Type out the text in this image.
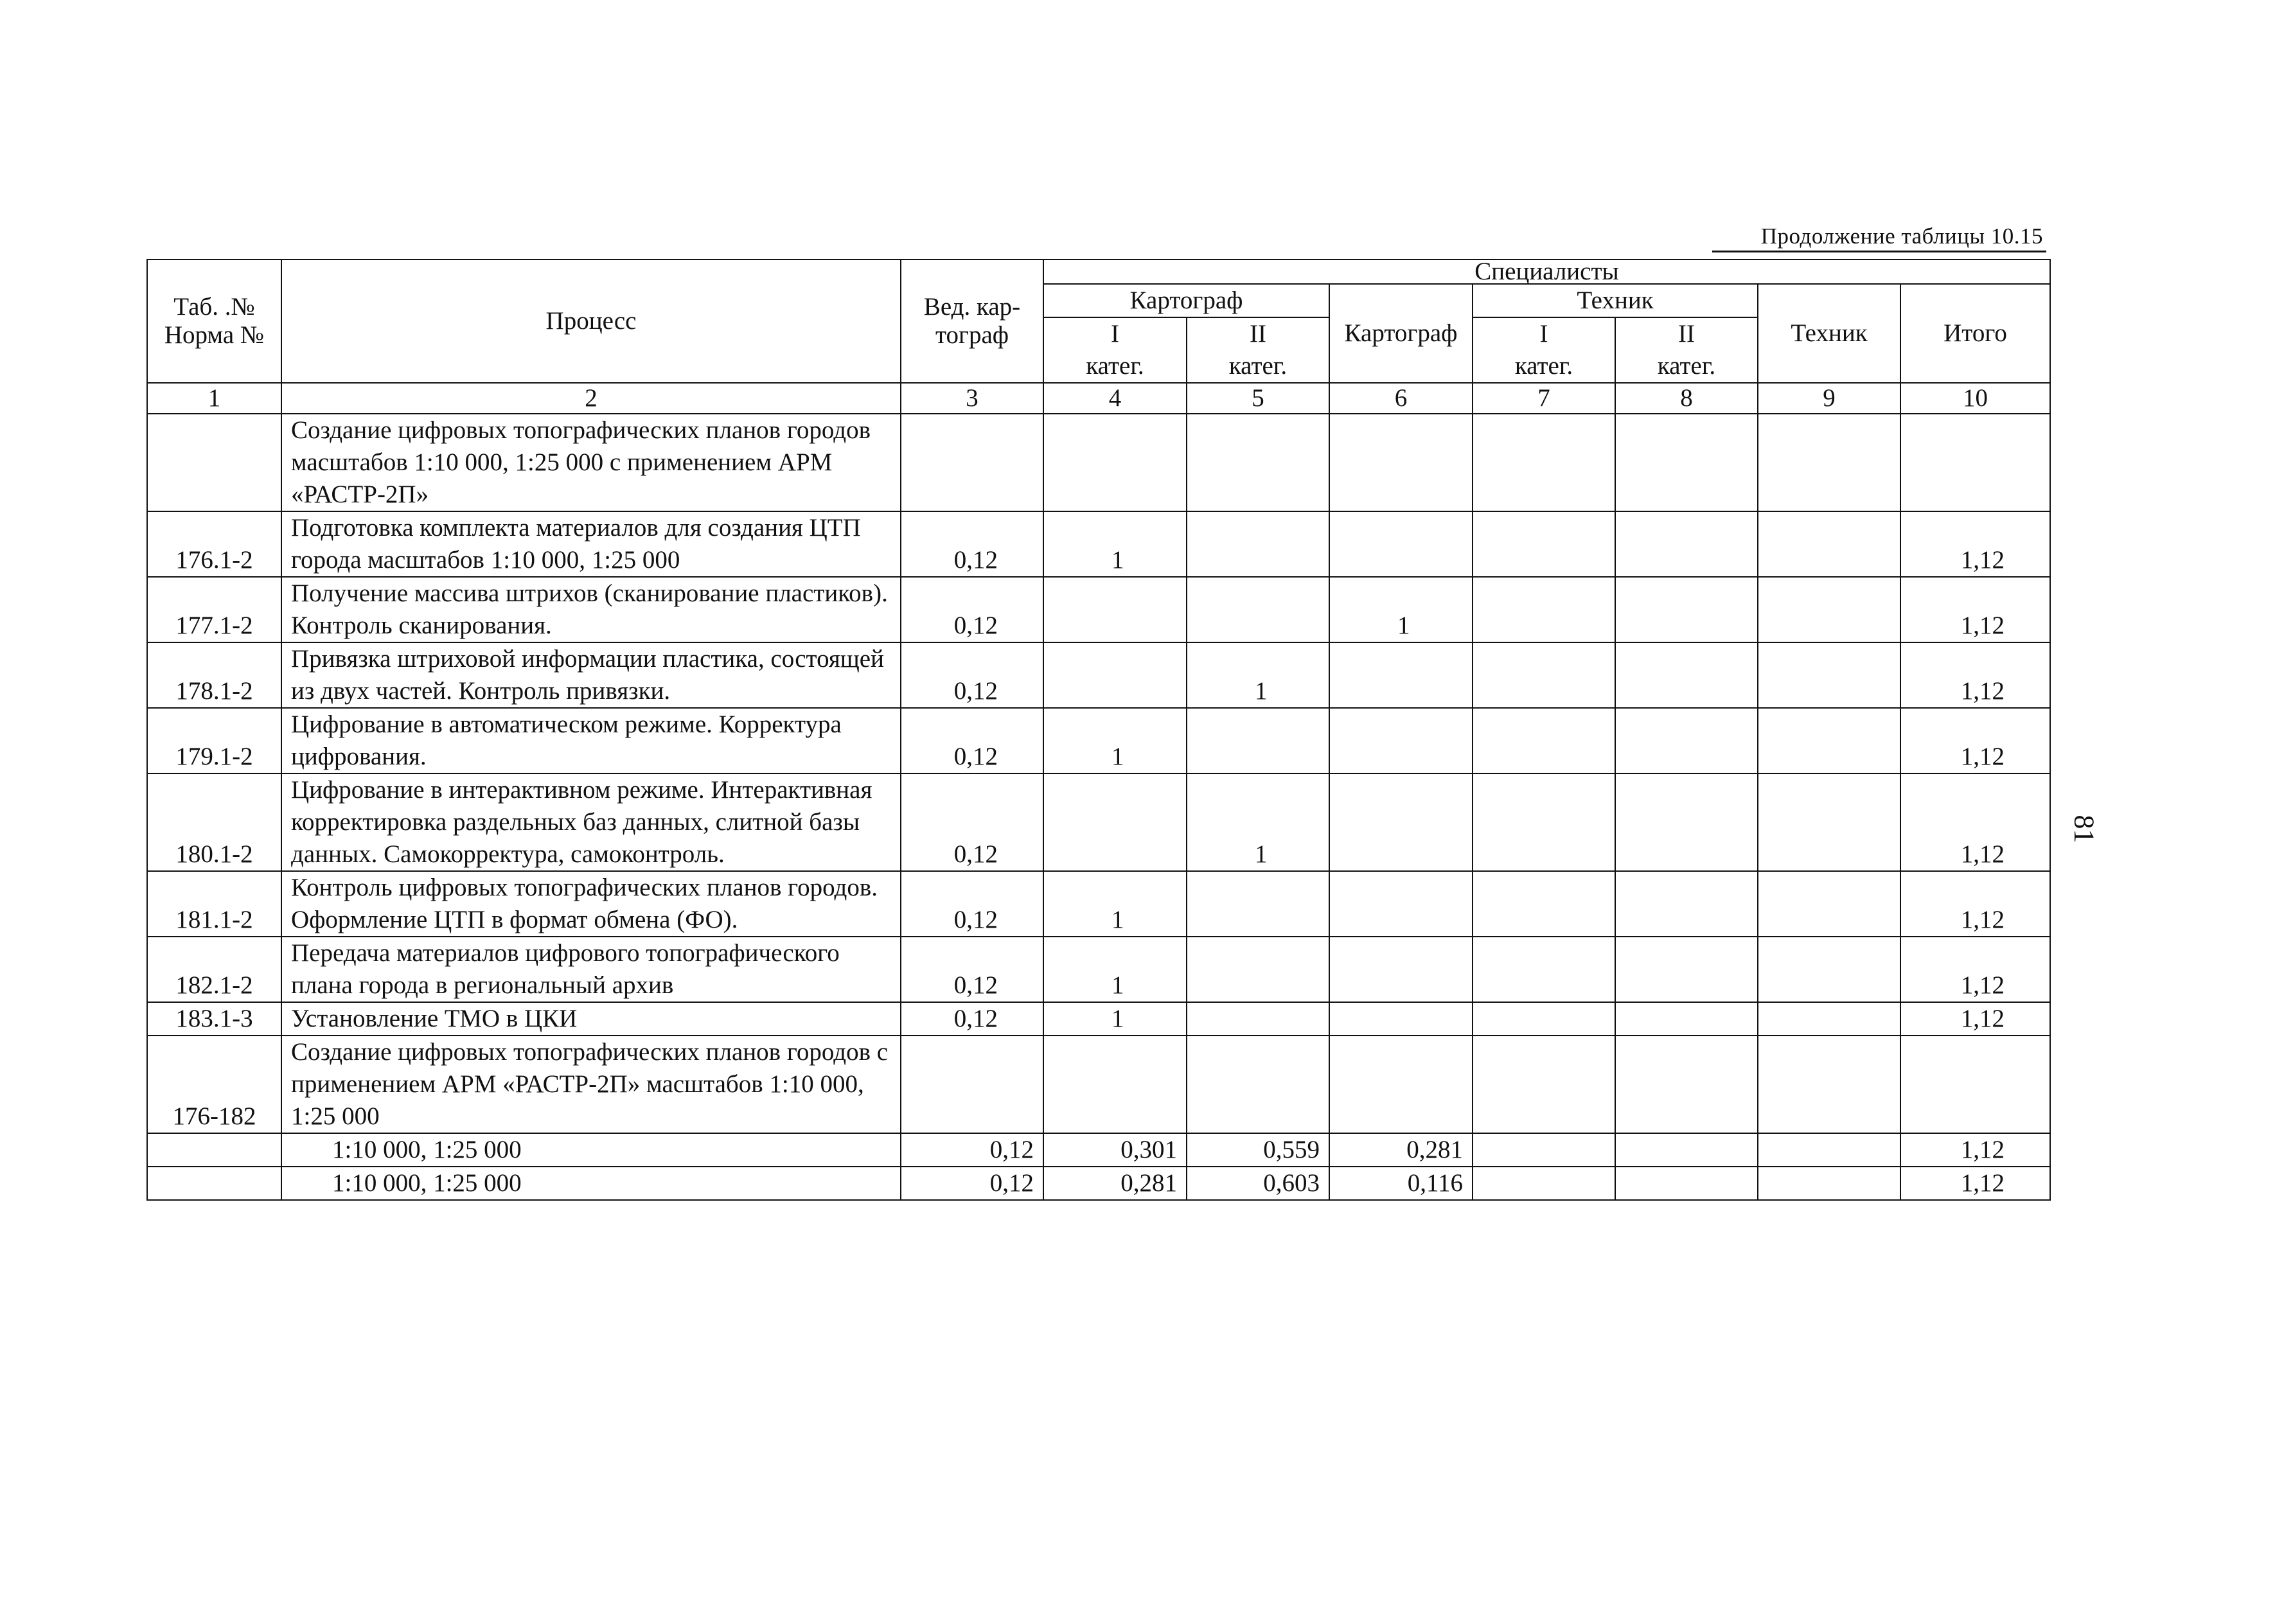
Продолжение таблицы 10.15
81
Таб. .№ Норма №	Процесс	Вед. кар-тограф	Специалисты						
			Картограф		Картограф	Техник		Техник	Итого
			I	II		I	II		
			катег.	катег.		катег.	катег.		
1	2	3	4	5	6	7	8	9	10
	Создание цифровых топографических планов городов масштабов 1:10 000, 1:25 000 с применением АРМ «РАСТР-2П»								
176.1-2	Подготовка комплекта материалов для создания ЦТП города масштабов 1:10 000, 1:25 000	0,12	1						1,12
177.1-2	Получение массива штрихов (сканирование пластиков). Контроль сканирования.	0,12			1				1,12
178.1-2	Привязка штриховой информации пластика, состоящей из двух частей. Контроль привязки.	0,12		1					1,12
179.1-2	Цифрование в автоматическом режиме. Корректура цифрования.	0,12	1						1,12
180.1-2	Цифрование в интерактивном режиме. Интерактивная корректировка раздельных баз данных, слитной базы данных. Самокорректура, самоконтроль.	0,12		1					1,12
181.1-2	Контроль цифровых топографических планов городов. Оформление ЦТП в формат обмена (ФО).	0,12	1						1,12
182.1-2	Передача материалов цифрового топографического плана города в региональный архив	0,12	1						1,12
183.1-3	Установление ТМО в ЦКИ	0,12	1						1,12
176-182	Создание цифровых топографических планов городов с применением АРМ «РАСТР-2П» масштабов 1:10 000, 1:25 000								
	1:10 000, 1:25 000	0,12	0,301	0,559	0,281				1,12
	1:10 000, 1:25 000	0,12	0,281	0,603	0,116				1,12
